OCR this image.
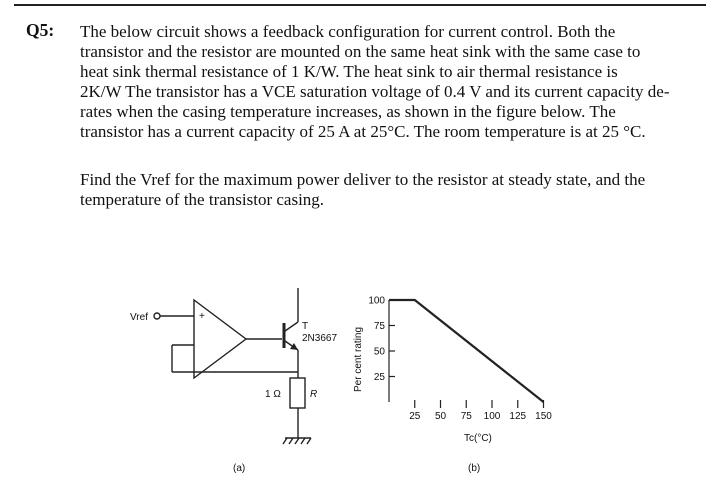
Q5: The below circuit shows a feedback configuration for current control. Both the
transistor and the resistor are mounted on the same heat sink with the same case to
heat sink thermal resistance of 1 K/W. The heat sink to air thermal resistance is
2K/W The transistor has a VCE saturation voltage of 0.4 V and its current capacity de-
rates when the casing temperature increases, as shown in the figure below. The
transistor has a current capacity of 25 A at 25°C. The room temperature is at 25 °C.
Find the Vref for the maximum power deliver to the resistor at steady state, and the
temperature of the transistor casing.
Vref	+
T
2N3667
1 Ω	R
(a)
25
50
75
100
25 50 75 100 125 150
Per cent rating
Tc(°C)
(b)
